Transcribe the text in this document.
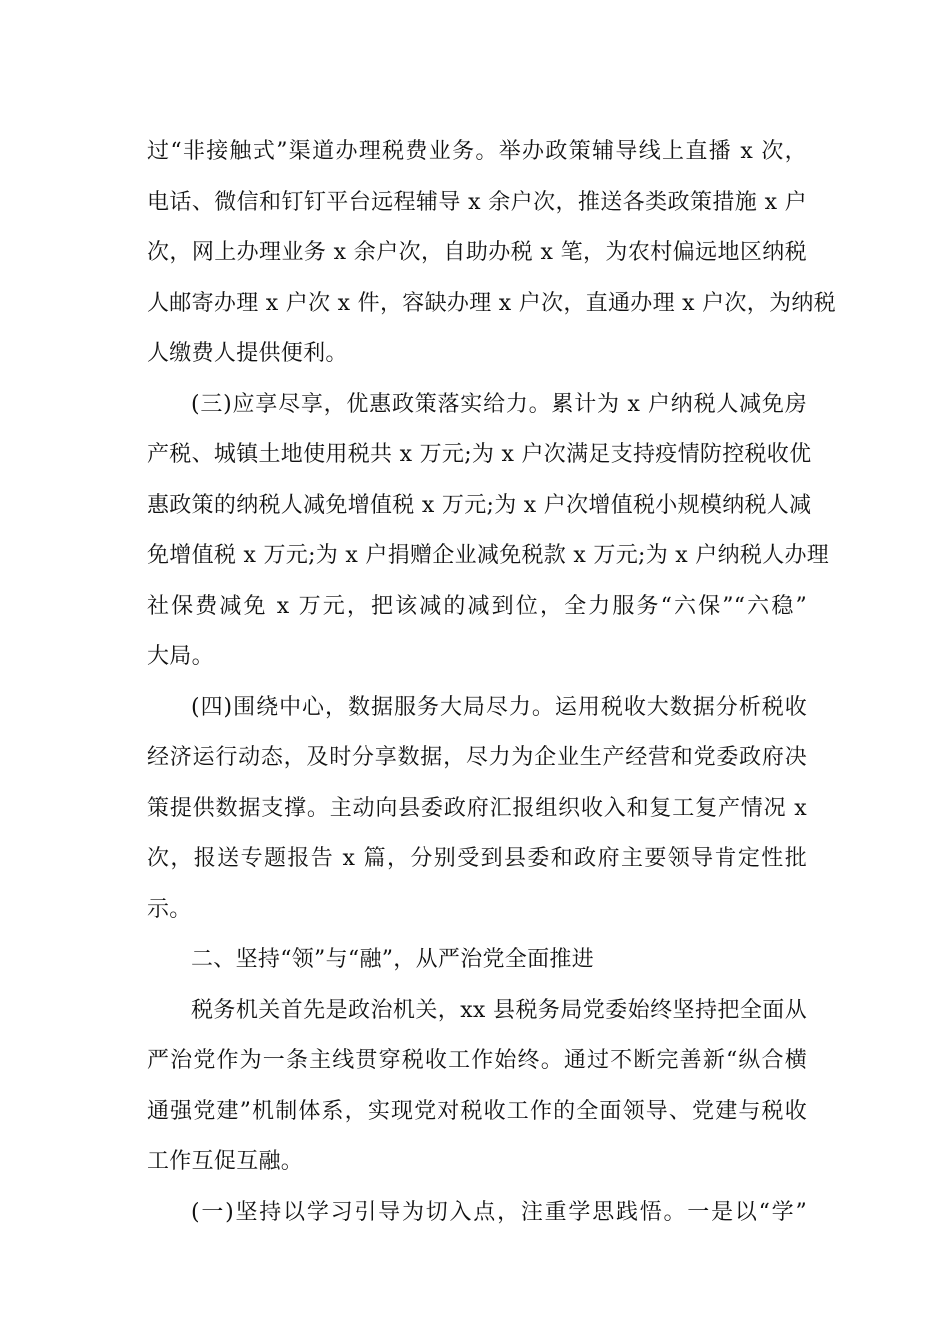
过“非接触式”渠道办理税费业务。举办政策辅导线上直播 x 次，
电话、微信和钉钉平台远程辅导 x 余户次，推送各类政策措施 x 户
次，网上办理业务 x 余户次，自助办税 x 笔，为农村偏远地区纳税
人邮寄办理 x 户次 x 件，容缺办理 x 户次，直通办理 x 户次，为纳税
人缴费人提供便利。
(三)应享尽享，优惠政策落实给力。累计为 x 户纳税人减免房
产税、城镇土地使用税共 x 万元;为 x 户次满足支持疫情防控税收优
惠政策的纳税人减免增值税 x 万元;为 x 户次增值税小规模纳税人减
免增值税 x 万元;为 x 户捐赠企业减免税款 x 万元;为 x 户纳税人办理
社保费减免 x 万元，把该减的减到位，全力服务“六保”“六稳”
大局。
(四)围绕中心，数据服务大局尽力。运用税收大数据分析税收
经济运行动态，及时分享数据，尽力为企业生产经营和党委政府决
策提供数据支撑。主动向县委政府汇报组织收入和复工复产情况 x
次，报送专题报告 x 篇，分别受到县委和政府主要领导肯定性批
示。
二、坚持“领”与“融”，从严治党全面推进
税务机关首先是政治机关，xx 县税务局党委始终坚持把全面从
严治党作为一条主线贯穿税收工作始终。通过不断完善新“纵合横
通强党建”机制体系，实现党对税收工作的全面领导、党建与税收
工作互促互融。
(一)坚持以学习引导为切入点，注重学思践悟。一是以“学”
